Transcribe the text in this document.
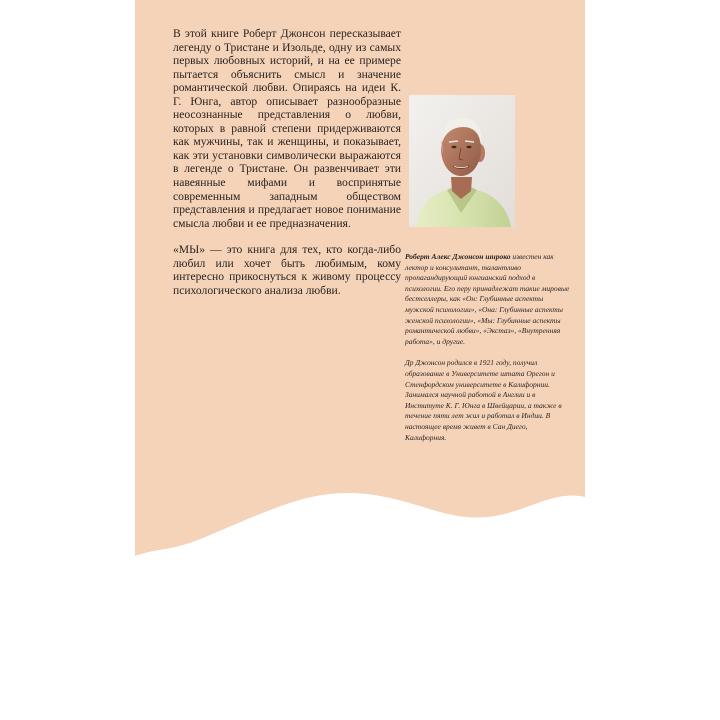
В этой книге Роберт Джонсон пересказывает легенду о Тристане и Изольде, одну из самых первых любовных историй, и на ее примере пытается объяснить смысл и значение романтической любви. Опираясь на идеи К. Г. Юнга, автор описывает разнообразные неосознанные представления о любви, которых в равной степени придерживаются как мужчины, так и женщины, и показывает, как эти установки символически выражаются в легенде о Тристане. Он развенчивает эти навеянные мифами и воспринятые современным западным обществом представления и предлагает новое понимание смысла любви и ее предназначения.

«МЫ» — это книга для тех, кто когда-либо любил или хочет быть любимым, кому интересно прикоснуться к живому процессу психологического анализа любви.

Роберт Алекс Джонсон широко известен как лектор и консультант, талантливо пропагандирующий юнгианский подход в психологии. Его перу принадлежат такие мировые бестселлеры, как «Он: Глубинные аспекты мужской психологии», «Она: Глубинные аспекты женской психологии», «Мы: Глубинные аспекты романтической любви», «Экстаз», «Внутренняя работа», и другие.

Др Джонсон родился в 1921 году, получил образование в Университете штата Орегон и Стенфордском университете в Калифорнии. Занимался научной работой в Англии и в Институте К. Г. Юнга в Швейцарии, а также в течение пяти лет жил и работал в Индии. В настоящее время живет в Сан Диего, Калифорния.
